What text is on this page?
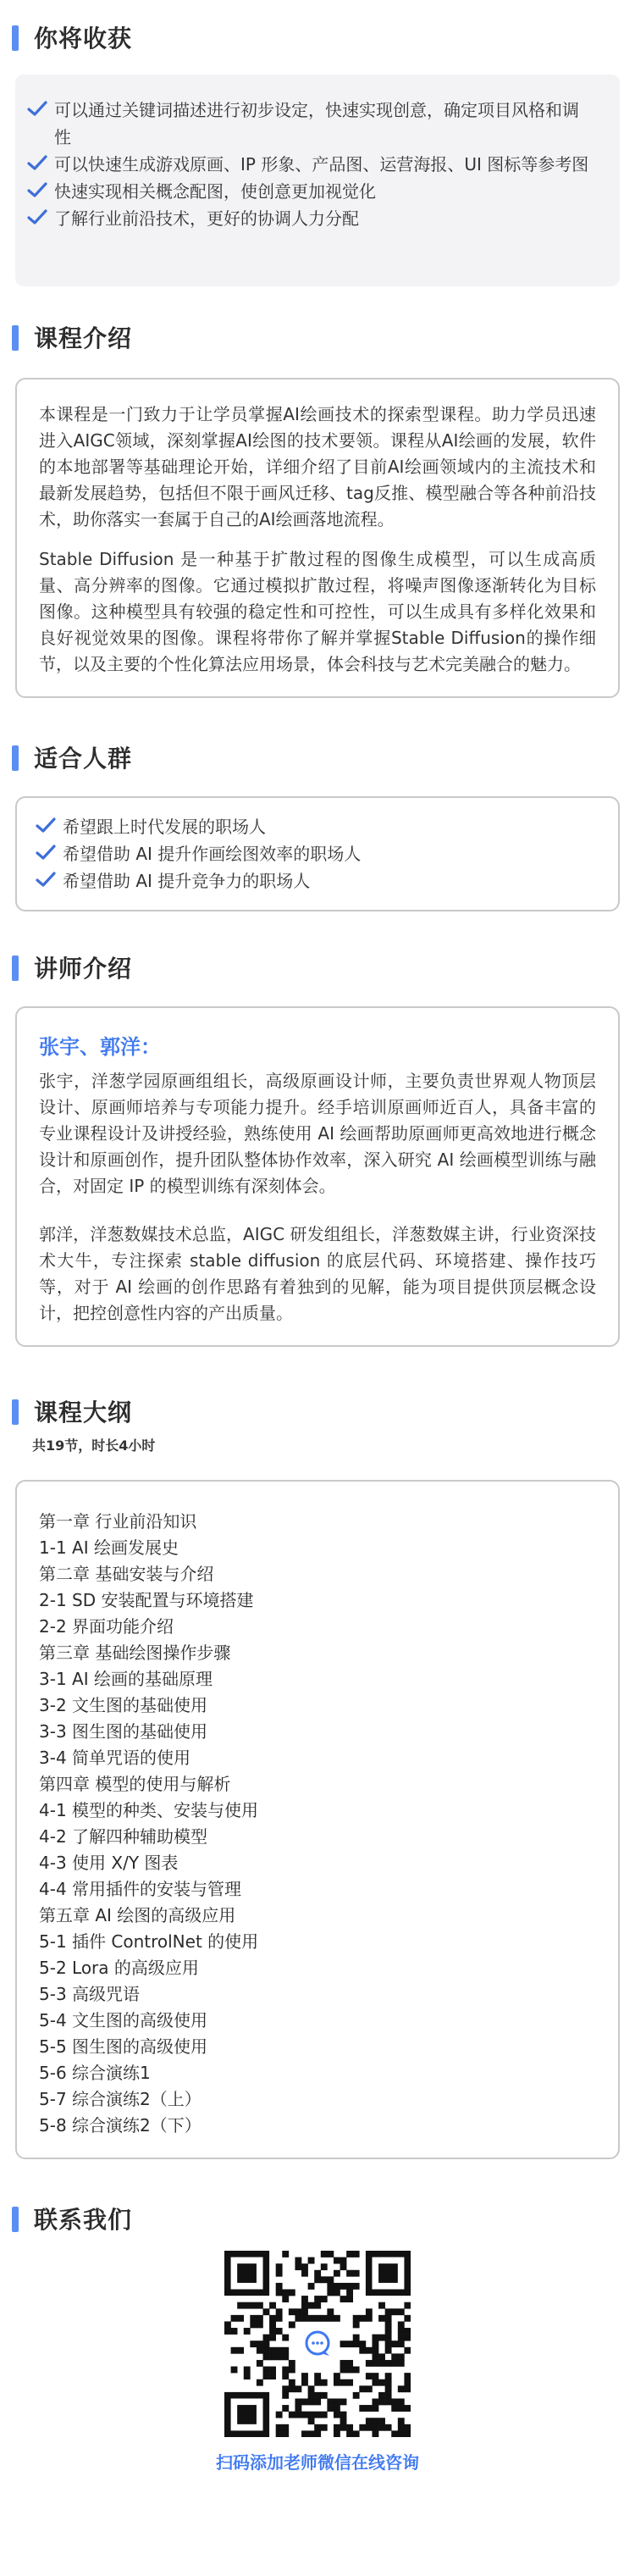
你将收获
可以通过关键词描述进行初步设定，快速实现创意，确定项目风格和调性
可以快速生成游戏原画、IP 形象、产品图、运营海报、UI 图标等参考图
快速实现相关概念配图，使创意更加视觉化
了解行业前沿技术，更好的协调人力分配
课程介绍

本课程是一门致力于让学员掌握AI绘画技术的探索型课程。助力学员迅速进入AIGC领域，深刻掌握AI绘图的技术要领。课程从AI绘画的发展，软件的本地部署等基础理论开始，详细介绍了目前AI绘画领域内的主流技术和最新发展趋势，包括但不限于画风迁移、tag反推、模型融合等各种前沿技术，助你落实一套属于自己的AI绘画落地流程。

Stable Diffusion 是一种基于扩散过程的图像生成模型，可以生成高质量、高分辨率的图像。它通过模拟扩散过程，将噪声图像逐渐转化为目标图像。这种模型具有较强的稳定性和可控性，可以生成具有多样化效果和良好视觉效果的图像。课程将带你了解并掌握Stable Diffusion的操作细节，以及主要的个性化算法应用场景，体会科技与艺术完美融合的魅力。

适合人群
希望跟上时代发展的职场人
希望借助 AI 提升作画绘图效率的职场人
希望借助 AI 提升竞争力的职场人
讲师介绍
张宇、郭洋：

张宇，洋葱学园原画组组长，高级原画设计师，主要负责世界观人物顶层设计、原画师培养与专项能力提升。经手培训原画师近百人，具备丰富的专业课程设计及讲授经验，熟练使用 AI 绘画帮助原画师更高效地进行概念设计和原画创作，提升团队整体协作效率，深入研究 AI 绘画模型训练与融合，对固定 IP 的模型训练有深刻体会。

郭洋，洋葱数媒技术总监，AIGC 研发组组长，洋葱数媒主讲，行业资深技术大牛，专注探索 stable diffusion 的底层代码、环境搭建、操作技巧等，对于 AI 绘画的创作思路有着独到的见解，能为项目提供顶层概念设计，把控创意性内容的产出质量。

课程大纲
共19节，时长4小时
第一章 行业前沿知识
1-1 AI 绘画发展史
第二章 基础安装与介绍
2-1 SD 安装配置与环境搭建
2-2 界面功能介绍
第三章 基础绘图操作步骤
3-1 AI 绘画的基础原理
3-2 文生图的基础使用
3-3 图生图的基础使用
3-4 简单咒语的使用
第四章 模型的使用与解析
4-1 模型的种类、安装与使用
4-2 了解四种辅助模型
4-3 使用 X/Y 图表
4-4 常用插件的安装与管理
第五章 AI 绘图的高级应用
5-1 插件 ControlNet 的使用
5-2 Lora 的高级应用
5-3 高级咒语
5-4 文生图的高级使用
5-5 图生图的高级使用
5-6 综合演练1
5-7 综合演练2（上）
5-8 综合演练2（下）
联系我们
扫码添加老师微信在线咨询
